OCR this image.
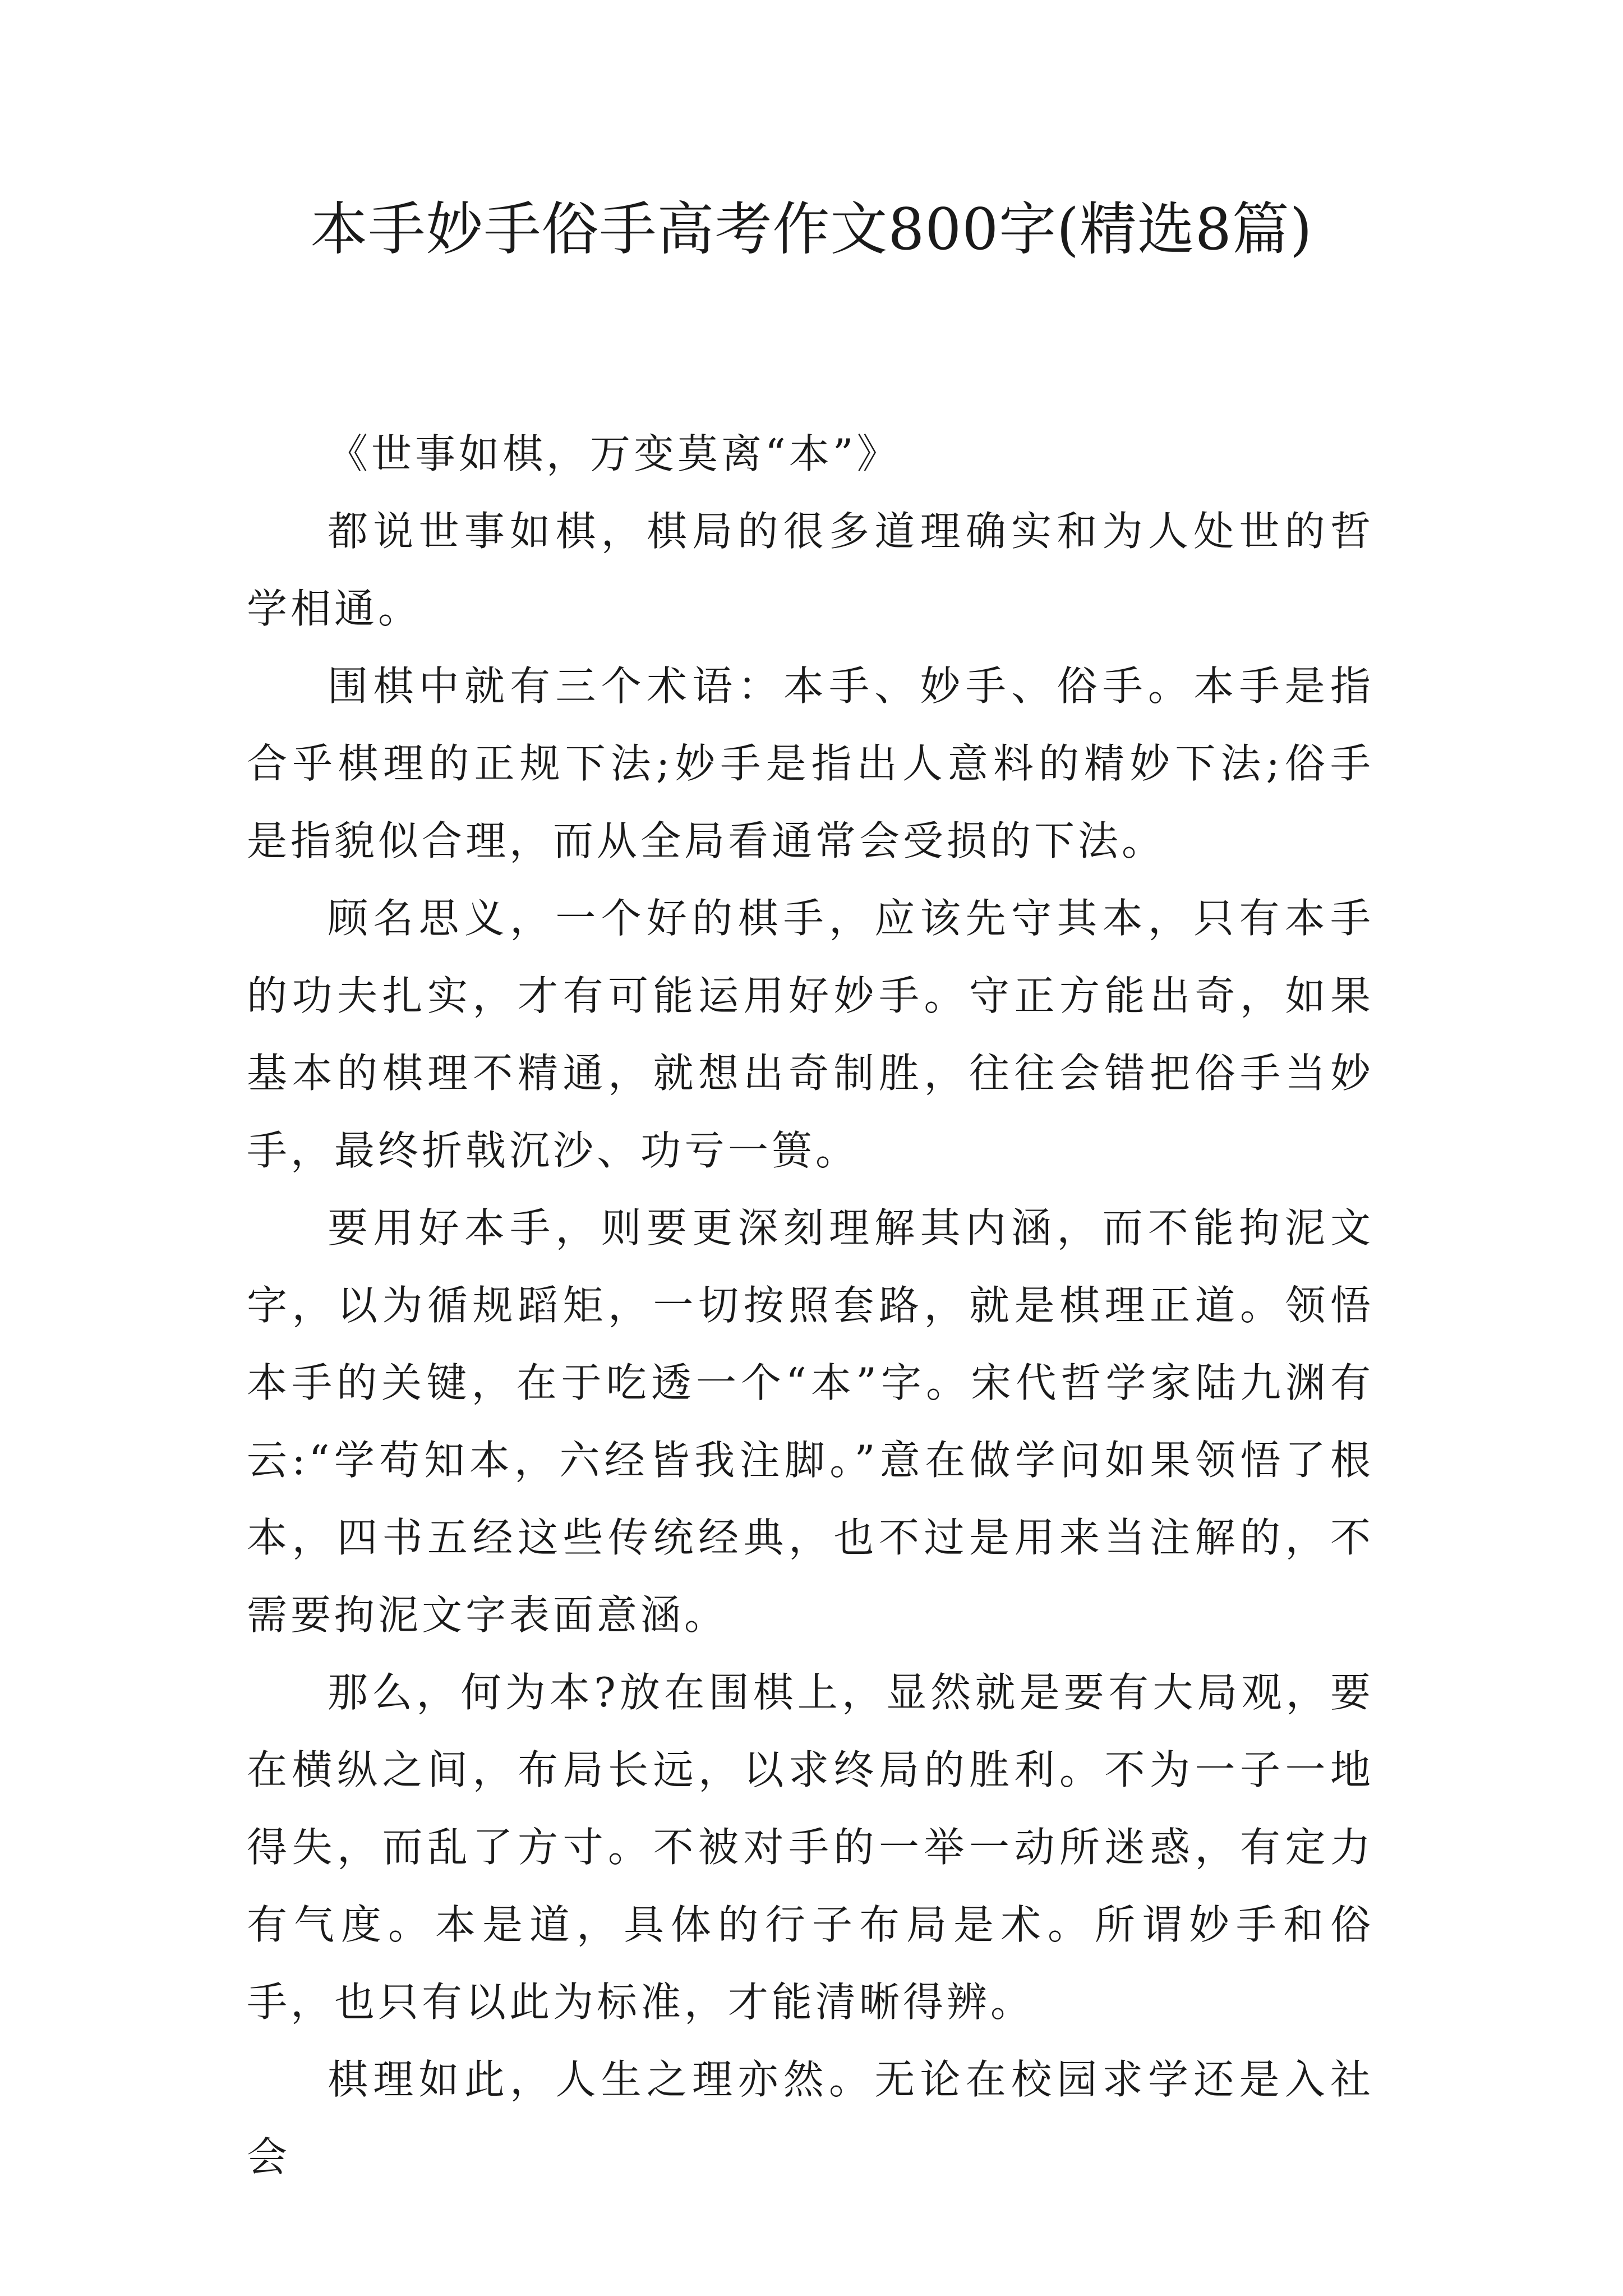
本手妙手俗手高考作文800字(精选8篇)

《世事如棋，万变莫离“本”》

都说世事如棋，棋局的很多道理确实和为人处世的哲学相通。

围棋中就有三个术语：本手、妙手、俗手。本手是指合乎棋理的正规下法;妙手是指出人意料的精妙下法;俗手是指貌似合理，而从全局看通常会受损的下法。

顾名思义，一个好的棋手，应该先守其本，只有本手的功夫扎实，才有可能运用好妙手。守正方能出奇，如果基本的棋理不精通，就想出奇制胜，往往会错把俗手当妙手，最终折戟沉沙、功亏一篑。

要用好本手，则要更深刻理解其内涵，而不能拘泥文字，以为循规蹈矩，一切按照套路，就是棋理正道。领悟本手的关键，在于吃透一个“本”字。宋代哲学家陆九渊有云:“学苟知本，六经皆我注脚。”意在做学问如果领悟了根本，四书五经这些传统经典，也不过是用来当注解的，不需要拘泥文字表面意涵。

那么，何为本?放在围棋上，显然就是要有大局观，要在横纵之间，布局长远，以求终局的胜利。不为一子一地得失，而乱了方寸。不被对手的一举一动所迷惑，有定力有气度。本是道，具体的行子布局是术。所谓妙手和俗手，也只有以此为标准，才能清晰得辨。

棋理如此，人生之理亦然。无论在校园求学还是入社会
